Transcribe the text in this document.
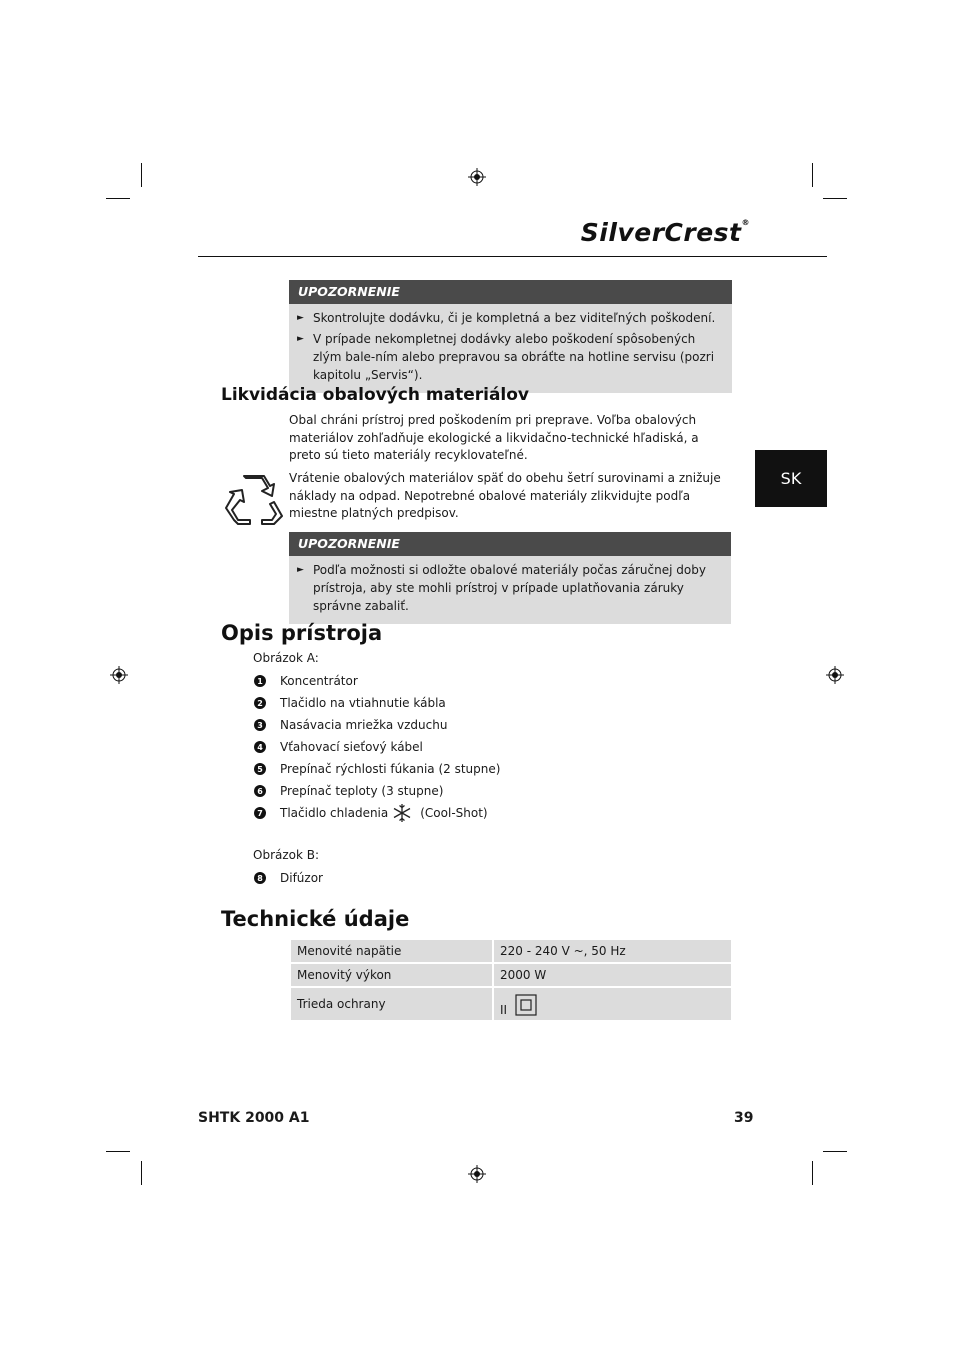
SilverCrest®
SK
UPOZORNENIE
► Skontrolujte dodávku, či je kompletná a bez viditeľných poškodení.
► V prípade nekompletnej dodávky alebo poškodení spôsobených zlým bale-ním alebo prepravou sa obráťte na hotline servisu (pozri kapitolu „Servis“).
Likvidácia obalových materiálov

Obal chráni prístroj pred poškodením pri preprave. Voľba obalových materiálov zohľadňuje ekologické a likvidačno-technické hľadiská, a preto sú tieto materiály recyklovateľné.

Vrátenie obalových materiálov späť do obehu šetrí surovinami a znižuje náklady na odpad. Nepotrebné obalové materiály zlikvidujte podľa miestne platných predpisov.

UPOZORNENIE
► Podľa možnosti si odložte obalové materiály počas záručnej doby prístroja, aby ste mohli prístroj v prípade uplatňovania záruky správne zabaliť.
Opis prístroja
Obrázok A:
1 Koncentrátor
2 Tlačidlo na vtiahnutie kábla
3 Nasávacia mriežka vzduchu
4 Vťahovací sieťový kábel
5 Prepínač rýchlosti fúkania (2 stupne)
6 Prepínač teploty (3 stupne)
7 Tlačidlo chladenia	(Cool-Shot)
Obrázok B:
8 Difúzor
Technické údaje
Menovité napätie	220 - 240 V ~, 50 Hz
Menovitý výkon	2000 W
Trieda ochrany	II
SHTK 2000 A1	39
